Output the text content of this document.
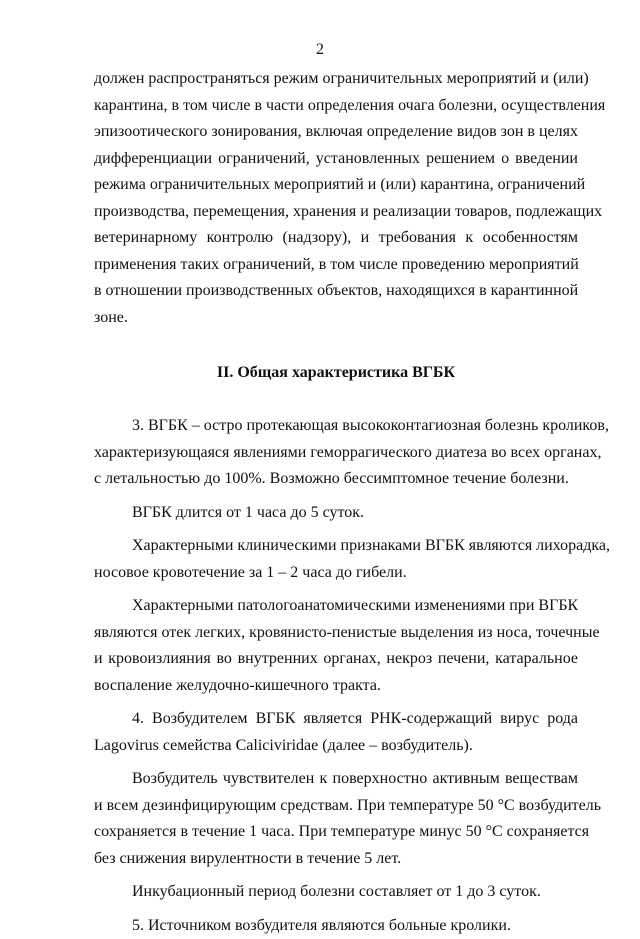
2
должен распространяться режим ограничительных мероприятий и (или)
карантина, в том числе в части определения очага болезни, осуществления
эпизоотического зонирования, включая определение видов зон в целях
дифференциации ограничений, установленных решением о введении
режима ограничительных мероприятий и (или) карантина, ограничений
производства, перемещения, хранения и реализации товаров, подлежащих
ветеринарному контролю (надзору), и требования к особенностям
применения таких ограничений, в том числе проведению мероприятий
в отношении производственных объектов, находящихся в карантинной
зоне.
II. Общая характеристика ВГБК
3. ВГБК – остро протекающая высококонтагиозная болезнь кроликов,
характеризующаяся явлениями геморрагического диатеза во всех органах,
с летальностью до 100%. Возможно бессимптомное течение болезни.
ВГБК длится от 1 часа до 5 суток.
Характерными клиническими признаками ВГБК являются лихорадка,
носовое кровотечение за 1 – 2 часа до гибели.
Характерными патологоанатомическими изменениями при ВГБК
являются отек легких, кровянисто-пенистые выделения из носа, точечные
и кровоизлияния во внутренних органах, некроз печени, катаральное
воспаление желудочно-кишечного тракта.
4. Возбудителем ВГБК является РНК-содержащий вирус рода
Lagovirus семейства Caliciviridae (далее – возбудитель).
Возбудитель чувствителен к поверхностно активным веществам
и всем дезинфицирующим средствам. При температуре 50 °С возбудитель
сохраняется в течение 1 часа. При температуре минус 50 °С сохраняется
без снижения вирулентности в течение 5 лет.
Инкубационный период болезни составляет от 1 до 3 суток.
5. Источником возбудителя являются больные кролики.
